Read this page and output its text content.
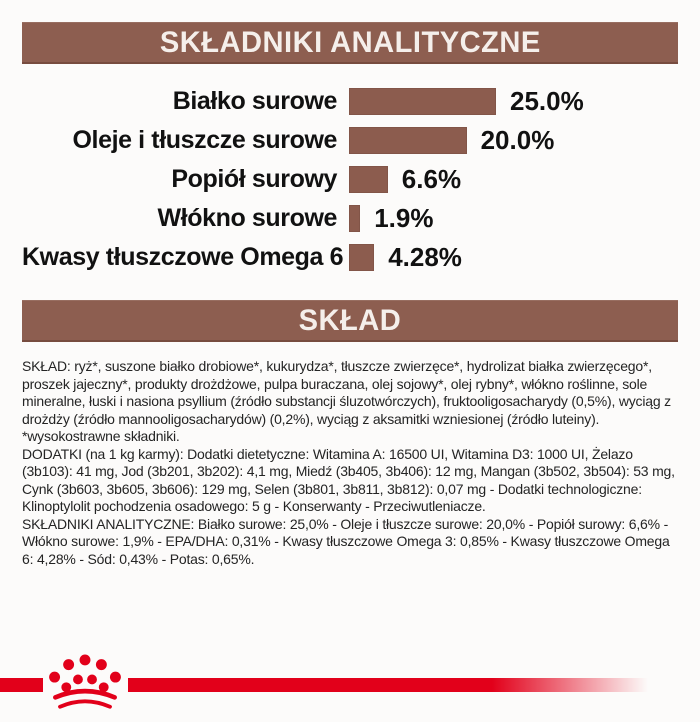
SKŁADNIKI ANALITYCZNE
Białko surowe	25.0%
Oleje i tłuszcze surowe	20.0%
Popiół surowy	6.6%
Włókno surowe	1.9%
Kwasy tłuszczowe Omega 6 4.28%
SKŁAD

SKŁAD: ryż*, suszone białko drobiowe*, kukurydza*, tłuszcze zwierzęce*, hydrolizat białka zwierzęcego*, proszek jajeczny*, produkty drożdżowe, pulpa buraczana, olej sojowy*, olej rybny*, włókno roślinne, sole mineralne, łuski i nasiona psyllium (źródło substancji śluzotwórczych), fruktooligosacharydy (0,5%), wyciąg z drożdży (źródło mannooligosacharydów) (0,2%), wyciąg z aksamitki wzniesionej (źródło luteiny).

*wysokostrawne składniki.

DODATKI (na 1 kg karmy): Dodatki dietetyczne: Witamina A: 16500 UI, Witamina D3: 1000 UI, Żelazo (3b103): 41 mg, Jod (3b201, 3b202): 4,1 mg, Miedź (3b405, 3b406): 12 mg, Mangan (3b502, 3b504): 53 mg, Cynk (3b603, 3b605, 3b606): 129 mg, Selen (3b801, 3b811, 3b812): 0,07 mg - Dodatki technologiczne: Klinoptylolit pochodzenia osadowego: 5 g - Konserwanty - Przeciwutleniacze.

SKŁADNIKI ANALITYCZNE: Białko surowe: 25,0% - Oleje i tłuszcze surowe: 20,0% - Popiół surowy: 6,6% - Włókno surowe: 1,9% - EPA/DHA: 0,31% - Kwasy tłuszczowe Omega 3: 0,85% - Kwasy tłuszczowe Omega 6: 4,28% - Sód: 0,43% - Potas: 0,65%.
